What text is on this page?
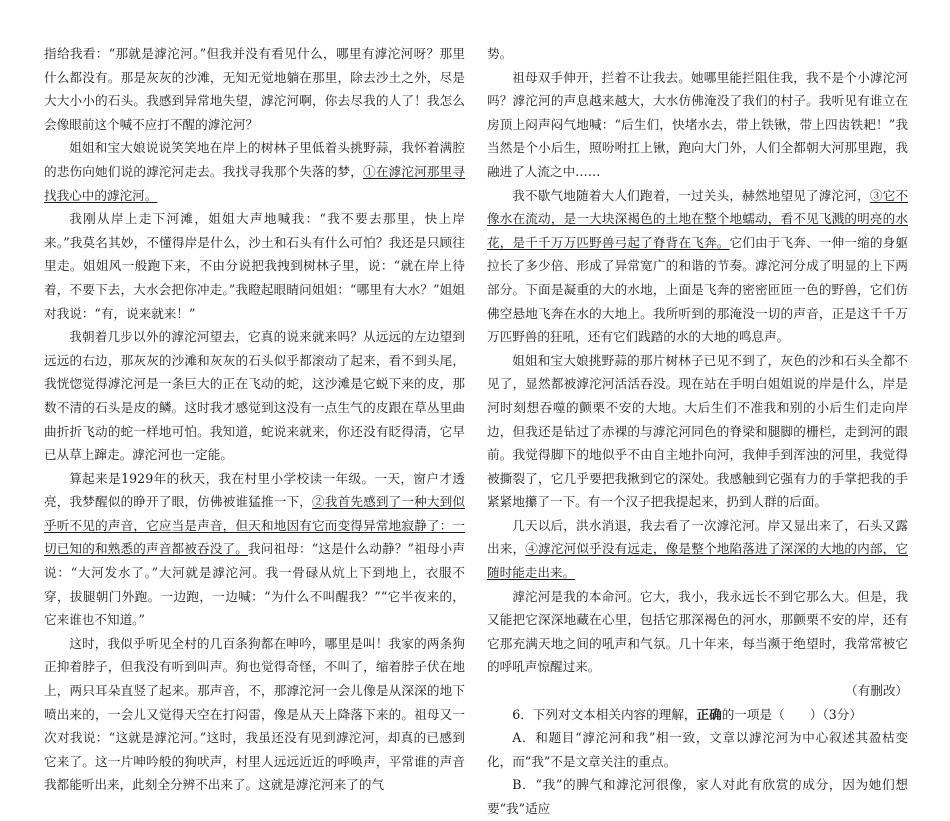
指给我看：“那就是滹沱河。”但我并没有看见什么，哪里有滹沱河呀？那里什么都没有。那是灰灰的沙滩，无知无觉地躺在那里，除去沙土之外，尽是大大小小的石头。我感到异常地失望，滹沱河啊，你去尽我的人了！我怎么会像眼前这个喊不应打不醒的滹沱河？

姐姐和宝大娘说说笑笑地在岸上的树林子里低着头挑野蒜，我怀着满腔的悲伤向她们说的滹沱河走去。我找寻我那个失落的梦，①在滹沱河那里寻找我心中的滹沱河。

我刚从岸上走下河滩，姐姐大声地喊我：“我不要去那里，快上岸来。”我莫名其妙，不懂得岸是什么，沙土和石头有什么可怕？我还是只顾往里走。姐姐风一般跑下来，不由分说把我拽到树林子里，说：“就在岸上待着，不要下去，大水会把你冲走。”我瞪起眼睛问姐姐：“哪里有大水？”姐姐对我说：“有，说来就来！”

我朝着几步以外的滹沱河望去，它真的说来就来吗？从远远的左边望到远远的右边，那灰灰的沙滩和灰灰的石头似乎都滚动了起来，看不到头尾，我恍惚觉得滹沱河是一条巨大的正在飞动的蛇，这沙滩是它蜕下来的皮，那数不清的石头是皮的鳞。这时我才感觉到这没有一点生气的皮跟在草丛里曲曲折折飞动的蛇一样地可怕。我知道，蛇说来就来，你还没有眨得清，它早已从草上蹿走。滹沱河也一定能。

算起来是1929年的秋天，我在村里小学校读一年级。一天，窗户才透亮，我梦醒似的睁开了眼，仿佛被谁猛推一下，②我首先感到了一种大到似乎听不见的声音，它应当是声音，但天和地因有它而变得异常地寂静了：一切已知的和熟悉的声音都被吞没了。我问祖母：“这是什么动静？”祖母小声说：“大河发水了。”大河就是滹沱河。我一骨碌从炕上下到地上，衣服不穿，拔腿朝门外跑。一边跑，一边喊：“为什么不叫醒我？”“它半夜来的，它来谁也不知道。”

这时，我似乎听见全村的几百条狗都在呻吟，哪里是叫！我家的两条狗正抑着脖子，但我没有听到叫声。狗也觉得奇怪，不叫了，缩着脖子伏在地上，两只耳朵直竖了起来。那声音，不，那滹沱河一会儿像是从深深的地下喷出来的，一会儿又觉得天空在打闷雷，像是从天上降落下来的。祖母又一次对我说：“这就是滹沱河。”这时，我虽还没有见到滹沱河，却真的已感到它来了。这一片呻吟般的狗吠声，村里人远远近近的呼唤声，平常谁的声音我都能听出来，此刻全分辨不出来了。这就是滹沱河来了的气

势。

祖母双手伸开，拦着不让我去。她哪里能拦阻住我，我不是个小滹沱河吗？滹沱河的声息越来越大，大水仿佛淹没了我们的村子。我听见有谁立在房顶上闷声闷气地喊：“后生们，快堵水去，带上铁锹，带上四齿铁耙！”我当然是个小后生，照吩咐扛上锹，跑向大门外，人们全都朝大河那里跑，我融进了人流之中……

我不歇气地随着大人们跑着，一过关头，赫然地望见了滹沱河，③它不像水在流动，是一大块深褐色的土地在整个地蠕动，看不见飞溅的明亮的水花，是千千万万匹野兽弓起了脊背在飞奔。它们由于飞奔、一伸一缩的身躯拉长了多少倍、形成了异常宽广的和谐的节奏。滹沱河分成了明显的上下两部分。下面是凝重的大的水地，上面是飞奔的密密匝匝一色的野兽，它们仿佛空悬地飞奔在水的大地上。我所听到的那淹没一切的声音，正是这千千万万匹野兽的狂吼，还有它们践踏的水的大地的鸣息声。

姐姐和宝大娘挑野蒜的那片树林子已见不到了，灰色的沙和石头全都不见了，显然都被滹沱河活活吞没。现在站在手明白姐姐说的岸是什么，岸是河时刻想吞噬的颤栗不安的大地。大后生们不准我和别的小后生们走向岸边，但我还是钻过了赤裸的与滹沱河同色的脊梁和腿脚的栅栏，走到河的跟前。我觉得脚下的地似乎不由自主地扑向河，我伸手到浑浊的河里，我觉得被撕裂了，它几乎要把我揪到它的深处。我感触到它强有力的手掌把我的手紧紧地攥了一下。有一个汉子把我提起来，扔到人群的后面。

几天以后，洪水消退，我去看了一次滹沱河。岸又显出来了，石头又露出来，④滹沱河似乎没有远走，像是整个地陷落进了深深的大地的内部，它随时能走出来。

滹沱河是我的本命河。它大，我小，我永远长不到它那么大。但是，我又能把它深深地藏在心里，包括它那深褐色的河水，那颤栗不安的岸，还有它那充满天地之间的吼声和气氛。几十年来，每当濒于绝望时，我常常被它的呼吼声惊醒过来。

（有删改）

6．下列对文本相关内容的理解，正确的一项是（　　）（3分）

A．和题目“滹沱河和我”相一致，文章以滹沱河为中心叙述其盈枯变化，而“我”不是文章关注的重点。

B．“我”的脾气和滹沱河很像，家人对此有欣赏的成分，因为她们想要“我”适应
